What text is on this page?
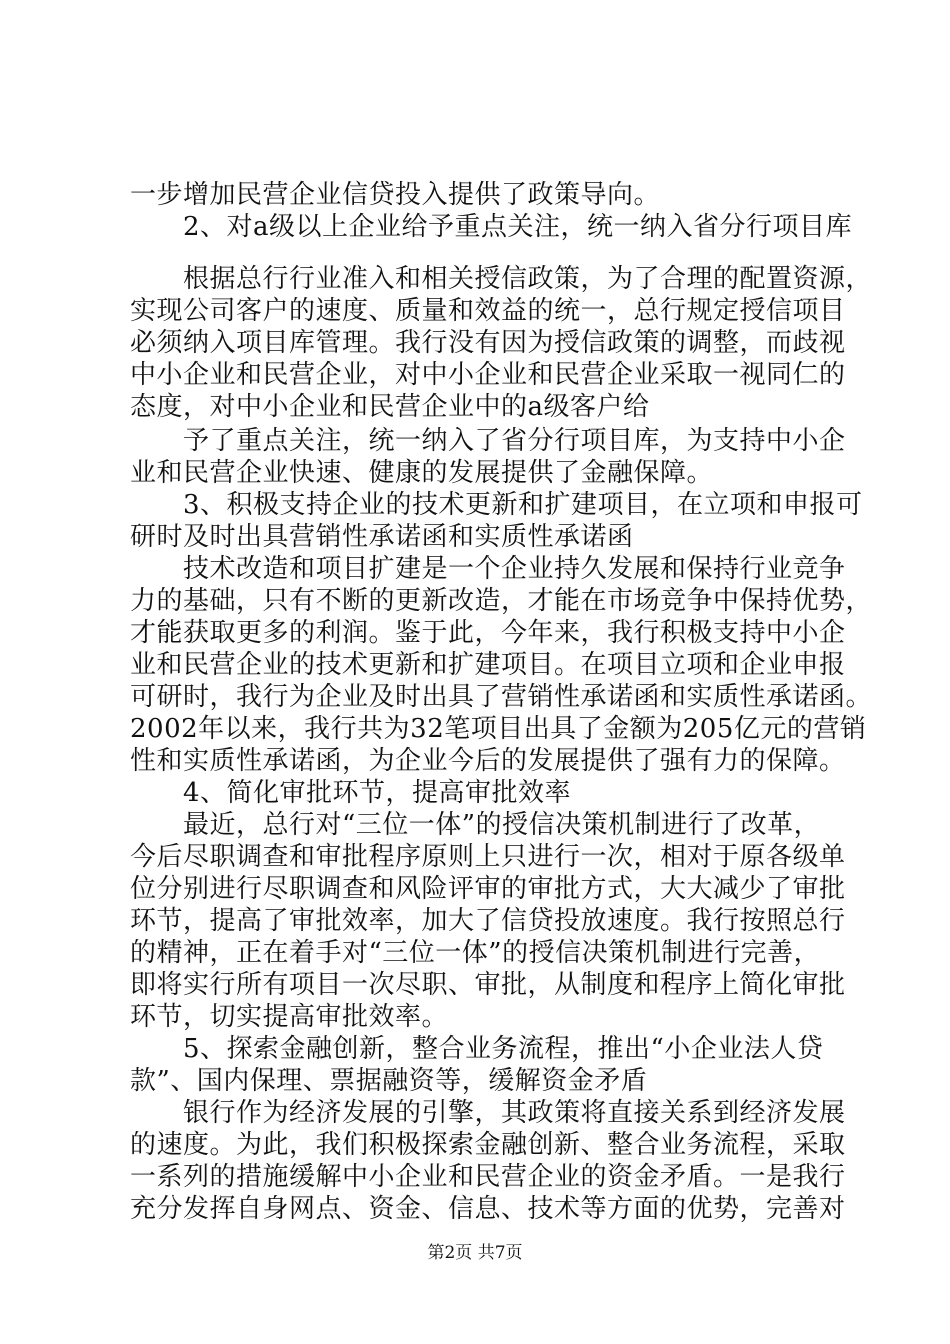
一步增加民营企业信贷投入提供了政策导向。
　　2、对a级以上企业给予重点关注，统一纳入省分行项目库
　　根据总行行业准入和相关授信政策，为了合理的配置资源，
实现公司客户的速度、质量和效益的统一，总行规定授信项目
必须纳入项目库管理。我行没有因为授信政策的调整，而歧视
中小企业和民营企业，对中小企业和民营企业采取一视同仁的
态度，对中小企业和民营企业中的a级客户给
　　予了重点关注，统一纳入了省分行项目库，为支持中小企
业和民营企业快速、健康的发展提供了金融保障。
　　3、积极支持企业的技术更新和扩建项目，在立项和申报可
研时及时出具营销性承诺函和实质性承诺函
　　技术改造和项目扩建是一个企业持久发展和保持行业竞争
力的基础，只有不断的更新改造，才能在市场竞争中保持优势，
才能获取更多的利润。鉴于此，今年来，我行积极支持中小企
业和民营企业的技术更新和扩建项目。在项目立项和企业申报
可研时，我行为企业及时出具了营销性承诺函和实质性承诺函。
2002年以来，我行共为32笔项目出具了金额为205亿元的营销
性和实质性承诺函，为企业今后的发展提供了强有力的保障。
　　4、简化审批环节，提高审批效率
　　最近，总行对“三位一体”的授信决策机制进行了改革，
今后尽职调查和审批程序原则上只进行一次，相对于原各级单
位分别进行尽职调查和风险评审的审批方式，大大减少了审批
环节，提高了审批效率，加大了信贷投放速度。我行按照总行
的精神，正在着手对“三位一体”的授信决策机制进行完善，
即将实行所有项目一次尽职、审批，从制度和程序上简化审批
环节，切实提高审批效率。
　　5、探索金融创新，整合业务流程，推出“小企业法人贷
款”、国内保理、票据融资等，缓解资金矛盾
　　银行作为经济发展的引擎，其政策将直接关系到经济发展
的速度。为此，我们积极探索金融创新、整合业务流程，采取
一系列的措施缓解中小企业和民营企业的资金矛盾。一是我行
充分发挥自身网点、资金、信息、技术等方面的优势，完善对
第2页 共7页
